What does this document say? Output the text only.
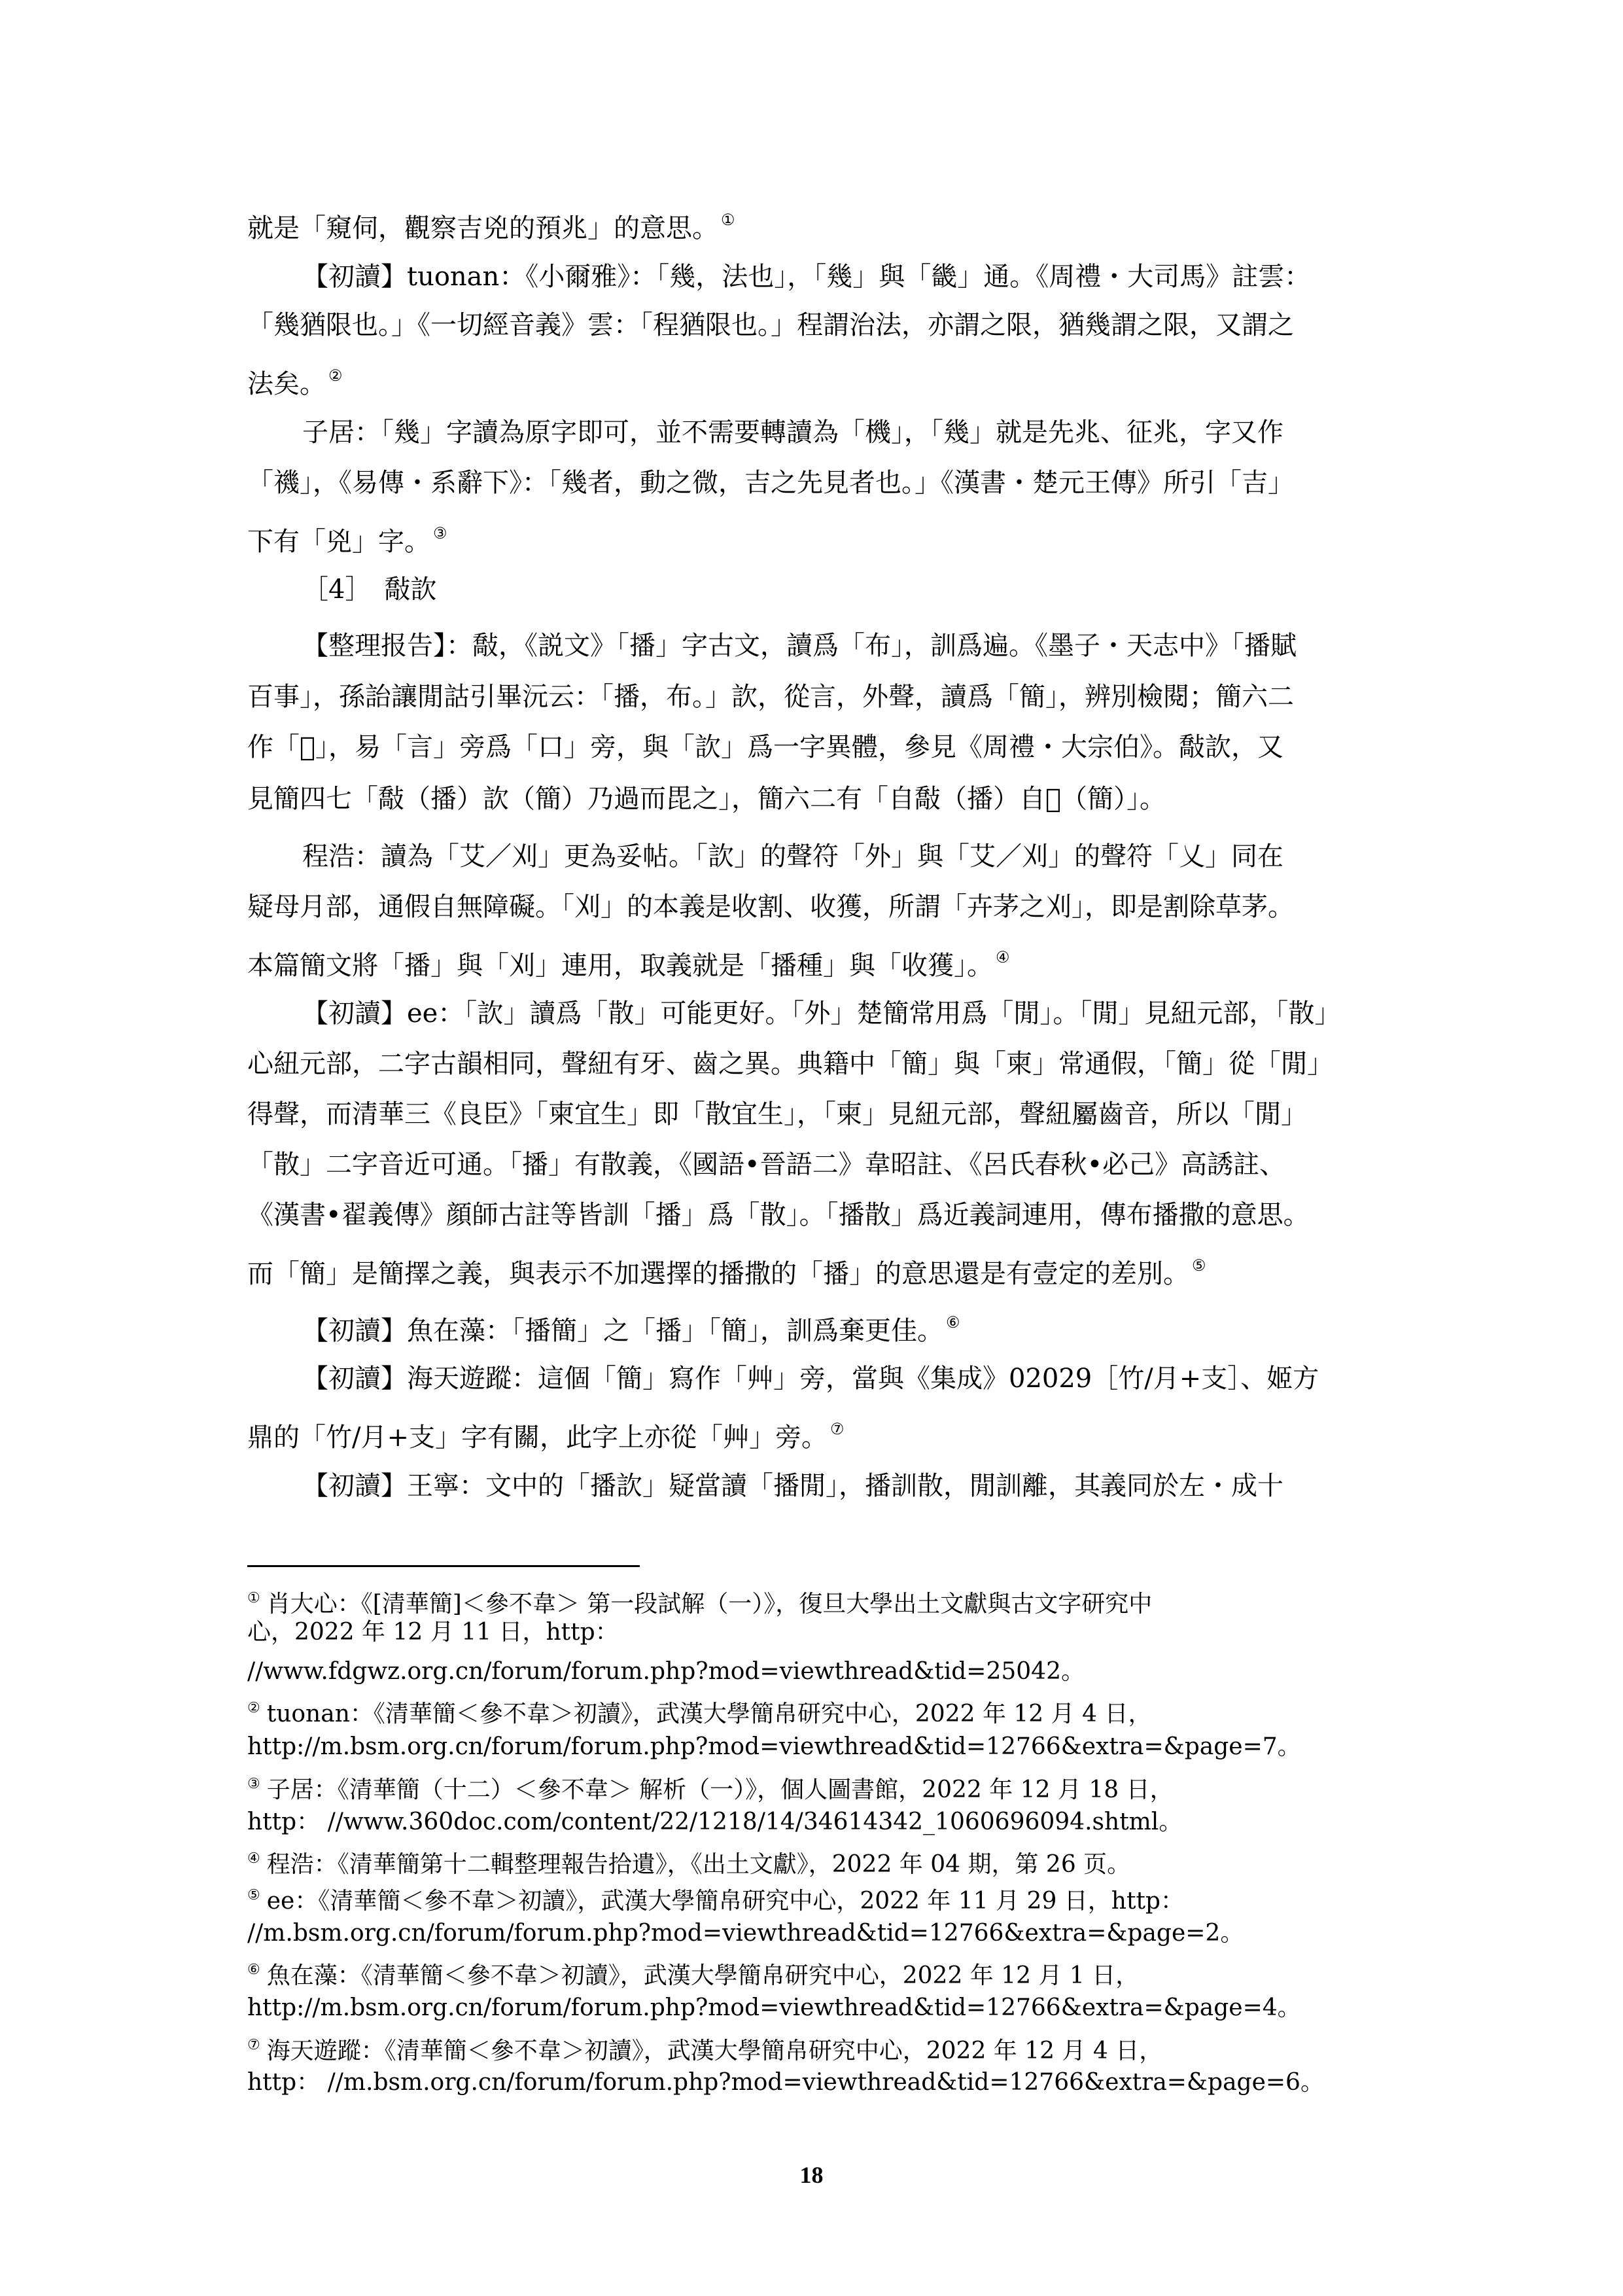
就是「窺伺，觀察吉兇的預兆」的意思。 ①
【初讀】tuonan：《小爾雅》：「幾，法也」，「幾」與「畿」通。《周禮・大司馬》註雲：
「幾猶限也。」《一切經音義》雲：「程猶限也。」程謂治法，亦謂之限，猶幾謂之限，又謂之
法矣。 ②
子居：「幾」字讀為原字即可，並不需要轉讀為「機」，「幾」就是先兆、征兆，字又作
「禨」，《易傳・系辭下》：「幾者，動之微，吉之先見者也。」《漢書・楚元王傳》所引「吉」
下有「兇」字。 ③
［4］　敽䚿
【整理报告】：敽，《説文》「播」字古文，讀爲「布」，訓爲遍。《墨子・天志中》「播賦
百事」，孫詒讓閒詁引畢沅云：「播，布。」䚿，從言，外聲，讀爲「簡」，辨別檢閱；簡六二
作「𦭏」，易「言」旁爲「口」旁，與「䚿」爲一字異體，參見《周禮・大宗伯》。敽䚿，又
見簡四七「敽（播）䚿（簡）乃過而毘之」，簡六二有「自敽（播）自𦭏（簡）」。
程浩：讀為「艾／刈」更為妥帖。「䚿」的聲符「外」與「艾／刈」的聲符「乂」同在
疑母月部，通假自無障礙。「刈」的本義是收割、收獲，所謂「卉茅之刈」，即是割除草茅。
本篇簡文將「播」與「刈」連用，取義就是「播種」與「收獲」。 ④
【初讀】ee：「䚿」讀爲「散」可能更好。「外」楚簡常用爲「閒」。「閒」見紐元部，「散」
心紐元部，二字古韻相同，聲紐有牙、齒之異。典籍中「簡」與「柬」常通假，「簡」從「閒」
得聲，而清華三《良臣》「柬宜生」即「散宜生」，「柬」見紐元部，聲紐屬齒音，所以「閒」
「散」二字音近可通。「播」有散義，《國語•晉語二》韋昭註、《呂氏春秋•必己》高誘註、
《漢書•翟義傳》顔師古註等皆訓「播」爲「散」。「播散」爲近義詞連用，傳布播撒的意思。
而「簡」是簡擇之義，與表示不加選擇的播撒的「播」的意思還是有壹定的差別。 ⑤
【初讀】魚在藻：「播簡」之「播」「簡」，訓爲棄更佳。 ⑥
【初讀】海天遊蹤：這個「簡」寫作「艸」旁，當與《集成》02029［竹/月+支］、姬方
鼎的「竹/月+支」字有關，此字上亦從「艸」旁。 ⑦
【初讀】王寧：文中的「播䚿」疑當讀「播閒」，播訓散，閒訓離，其義同於左・成十
① 肖大心：《[清華簡]＜參不韋＞ 第一段試解（一）》，復旦大學出土文獻與古文字研究中
心，2022 年 12 月 11 日，http：
//www.fdgwz.org.cn/forum/forum.php?mod=viewthread&tid=25042。
② tuonan：《清華簡＜參不韋＞初讀》，武漢大學簡帛研究中心，2022 年 12 月 4 日，
http://m.bsm.org.cn/forum/forum.php?mod=viewthread&tid=12766&extra=&page=7。
③ 子居：《清華簡（十二）＜參不韋＞ 解析（一）》，個人圖書館，2022 年 12 月 18 日，
http： //www.360doc.com/content/22/1218/14/34614342_1060696094.shtml。
④ 程浩：《清華簡第十二輯整理報告拾遺》，《出土文獻》，2022 年 04 期，第 26 页。
⑤ ee：《清華簡＜參不韋＞初讀》，武漢大學簡帛研究中心，2022 年 11 月 29 日，http：
//m.bsm.org.cn/forum/forum.php?mod=viewthread&tid=12766&extra=&page=2。
⑥ 魚在藻：《清華簡＜參不韋＞初讀》，武漢大學簡帛研究中心，2022 年 12 月 1 日，
http://m.bsm.org.cn/forum/forum.php?mod=viewthread&tid=12766&extra=&page=4。
⑦ 海天遊蹤：《清華簡＜參不韋＞初讀》，武漢大學簡帛研究中心，2022 年 12 月 4 日，
http： //m.bsm.org.cn/forum/forum.php?mod=viewthread&tid=12766&extra=&page=6。
18
